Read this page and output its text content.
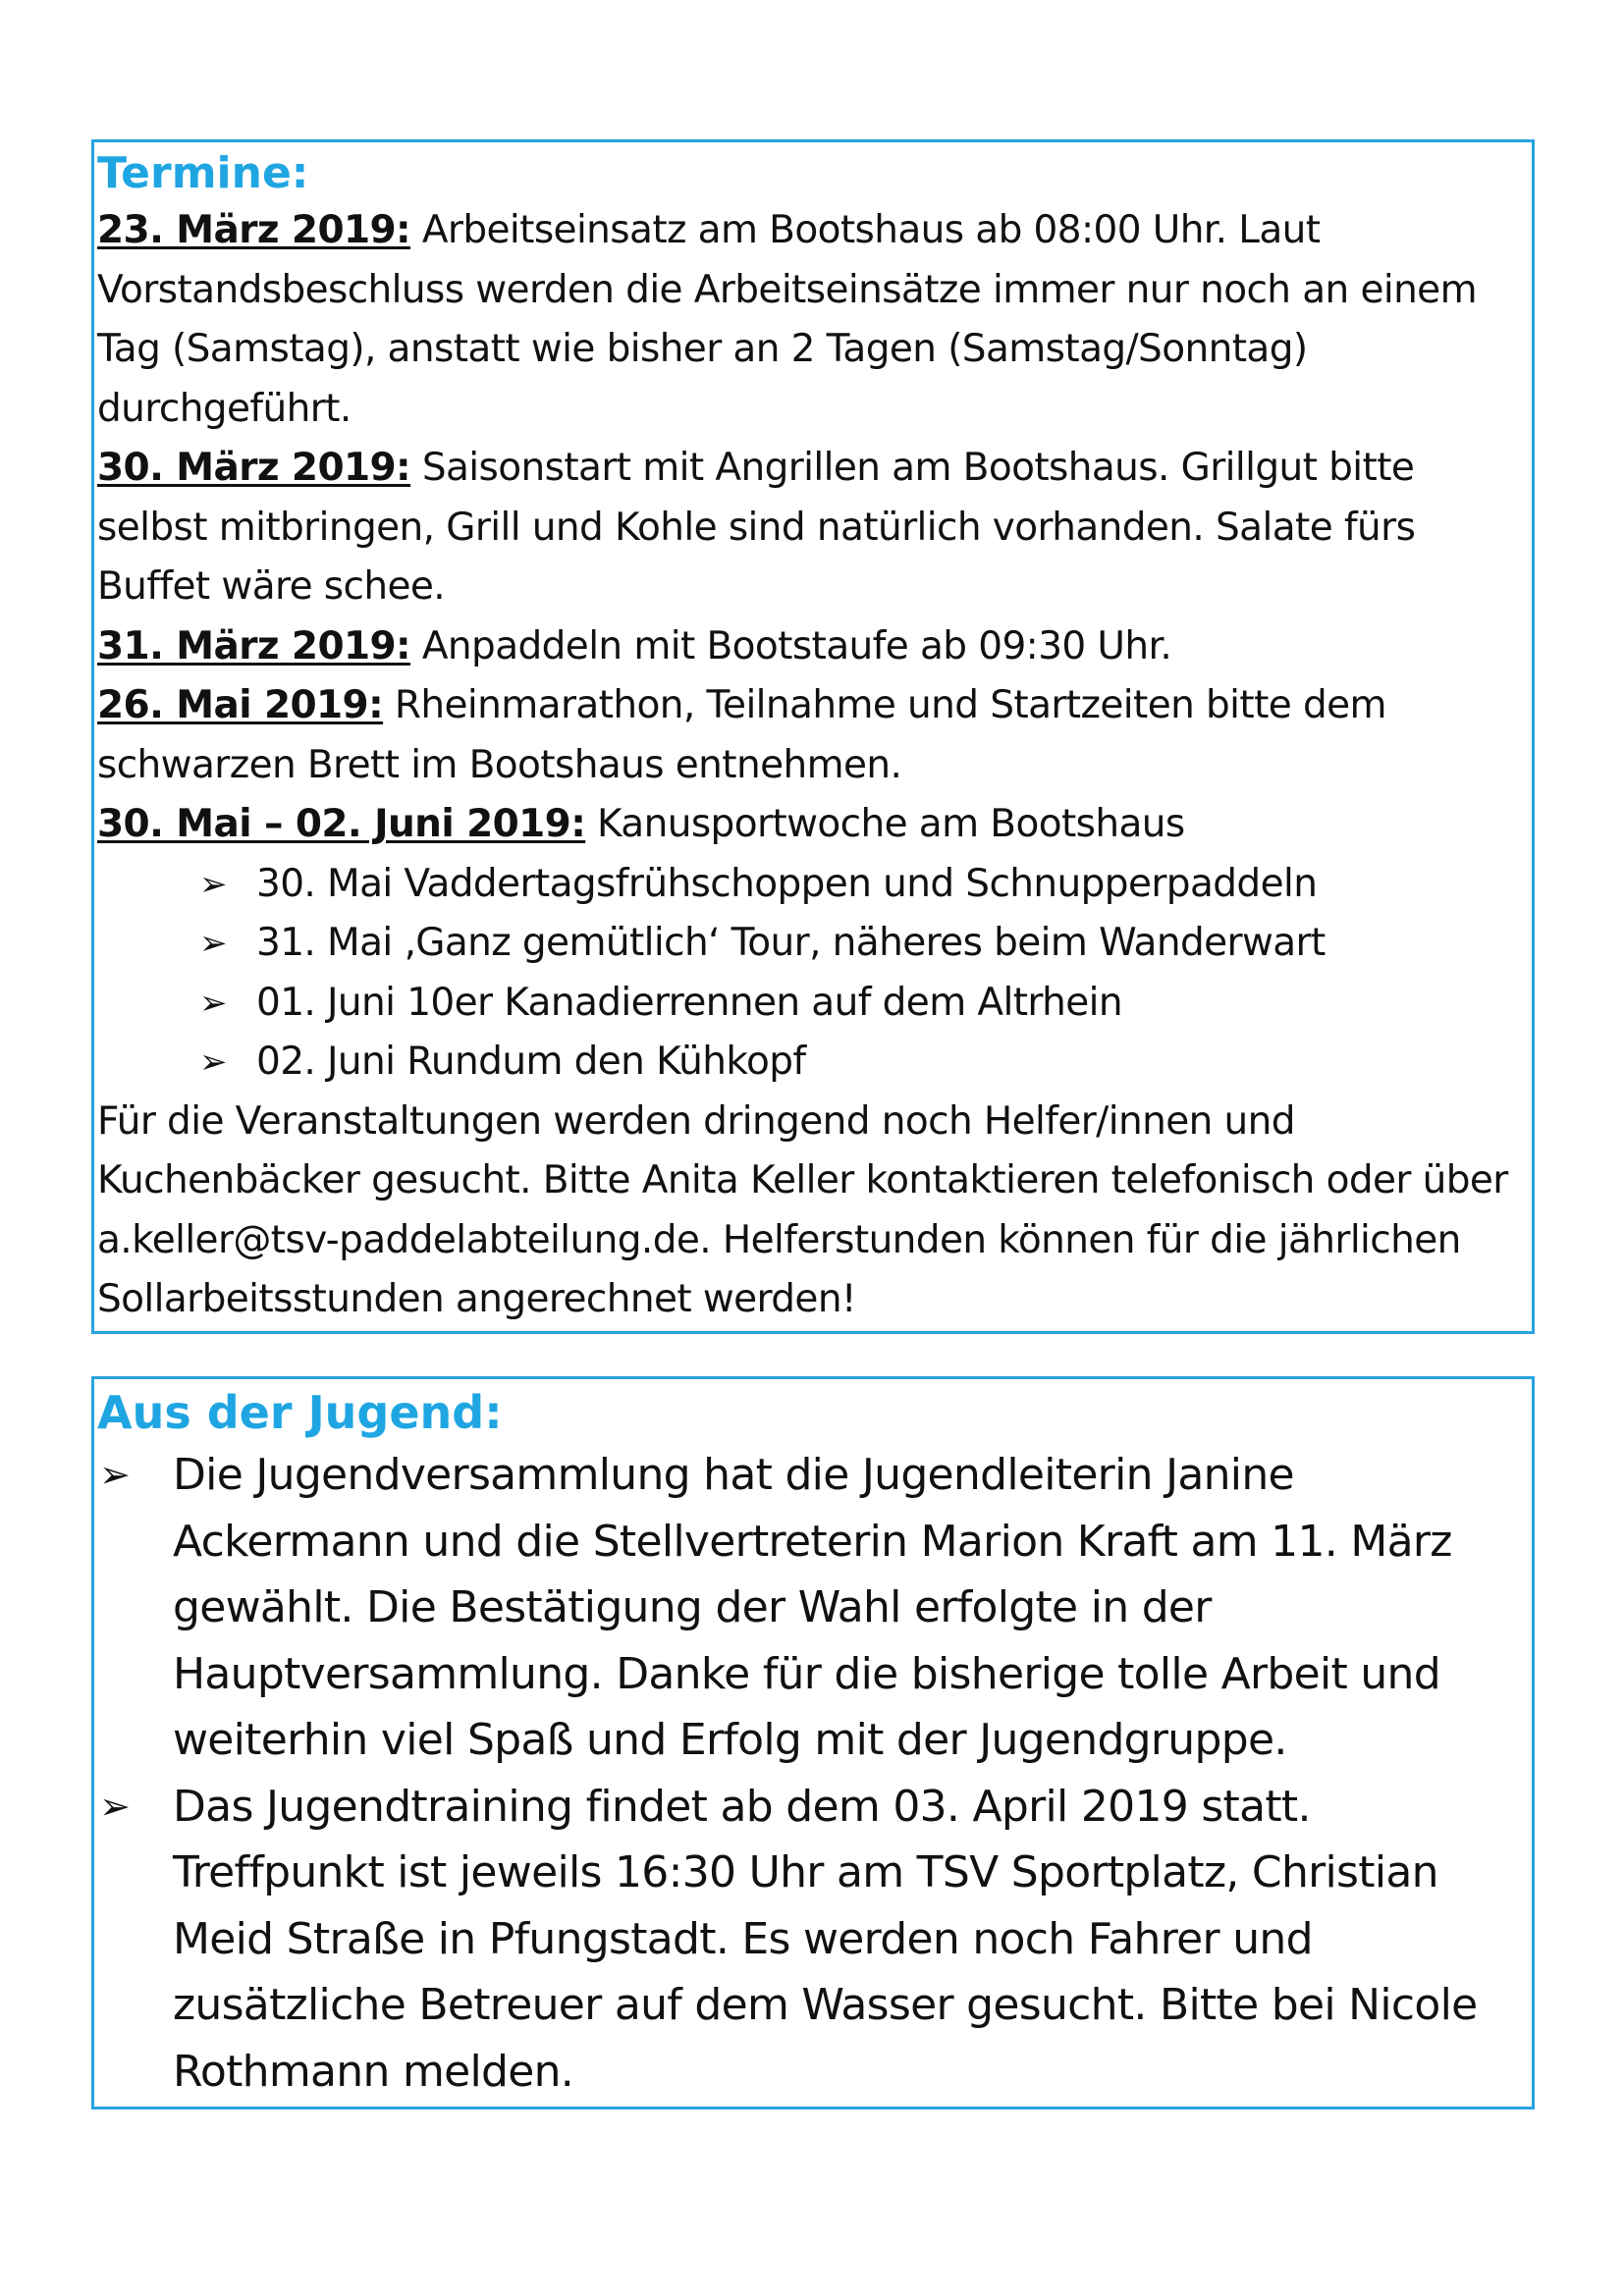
Termine:

23. März 2019: Arbeitseinsatz am Bootshaus ab 08:00 Uhr. Laut Vorstandsbeschluss werden die Arbeitseinsätze immer nur noch an einem Tag (Samstag), anstatt wie bisher an 2 Tagen (Samstag/Sonntag) durchgeführt.

30. März 2019: Saisonstart mit Angrillen am Bootshaus. Grillgut bitte selbst mitbringen, Grill und Kohle sind natürlich vorhanden. Salate fürs Buffet wäre schee.

31. März 2019: Anpaddeln mit Bootstaufe ab 09:30 Uhr.

26. Mai 2019: Rheinmarathon, Teilnahme und Startzeiten bitte dem schwarzen Brett im Bootshaus entnehmen.

30. Mai – 02. Juni 2019: Kanusportwoche am Bootshaus

➢ 30. Mai Vaddertagsfrühschoppen und Schnupperpaddeln
➢ 31. Mai ‚Ganz gemütlich‘ Tour, näheres beim Wanderwart
➢ 01. Juni 10er Kanadierrennen auf dem Altrhein
➢ 02. Juni Rundum den Kühkopf

Für die Veranstaltungen werden dringend noch Helfer/innen und Kuchenbäcker gesucht. Bitte Anita Keller kontaktieren telefonisch oder über a.keller@tsv-paddelabteilung.de. Helferstunden können für die jährlichen Sollarbeitsstunden angerechnet werden!

Aus der Jugend:
➢ Die Jugendversammlung hat die Jugendleiterin Janine Ackermann und die Stellvertreterin Marion Kraft am 11. März gewählt. Die Bestätigung der Wahl erfolgte in der Hauptversammlung. Danke für die bisherige tolle Arbeit und weiterhin viel Spaß und Erfolg mit der Jugendgruppe.
➢ Das Jugendtraining findet ab dem 03. April 2019 statt. Treffpunkt ist jeweils 16:30 Uhr am TSV Sportplatz, Christian Meid Straße in Pfungstadt. Es werden noch Fahrer und zusätzliche Betreuer auf dem Wasser gesucht. Bitte bei Nicole Rothmann melden.
